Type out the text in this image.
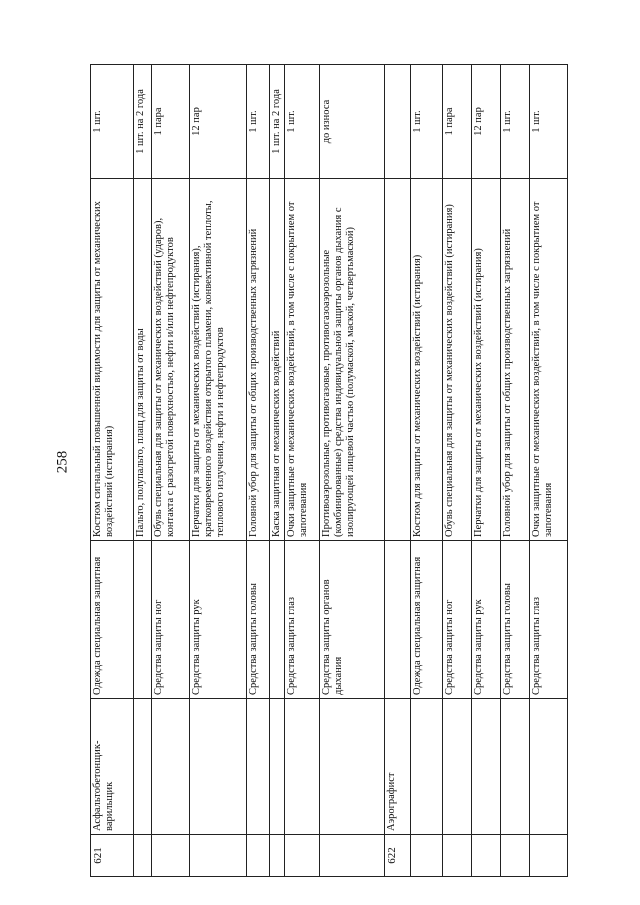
258
621	Асфальтобетонщик-варильщик	Одежда специальная защитная	Костюм сигнальный повышенной видимости для защиты от механических воздействий (истирания)	1 шт.
			Пальто, полупальто, плащ для защиты от воды	1 шт. на 2 года
		Средства защиты ног	Обувь специальная для защиты от механических воздействий (ударов), контакта с разогретой поверхностью, нефти и/или нефтепродуктов	1 пара
		Средства защиты рук	Перчатки для защиты от механических воздействий (истирания), кратковременного воздействия открытого пламени, конвективной теплоты, теплового излучения, нефти и нефтепродуктов	12 пар
		Средства защиты головы	Головной убор для защиты от общих производственных загрязнений	1 шт.
			Каска защитная от механических воздействий	1 шт. на 2 года
		Средства защиты глаз	Очки защитные от механических воздействий, в том числе с покрытием от запотевания	1 шт.
		Средства защиты органов дыхания	Противоаэрозольные, противогазовые, противогазоаэрозольные (комбинированные) средства индивидуальной защиты органов дыхания с изолирующей лицевой частью (полумаской, маской, четвертьмаской)	до износа
622	Аэрографист			
		Одежда специальная защитная	Костюм для защиты от механических воздействий (истирания)	1 шт.
		Средства защиты ног	Обувь специальная для защиты от механических воздействий (истирания)	1 пара
		Средства защиты рук	Перчатки для защиты от механических воздействий (истирания)	12 пар
		Средства защиты головы	Головной убор для защиты от общих производственных загрязнений	1 шт.
		Средства защиты глаз	Очки защитные от механических воздействий, в том числе с покрытием от запотевания	1 шт.
